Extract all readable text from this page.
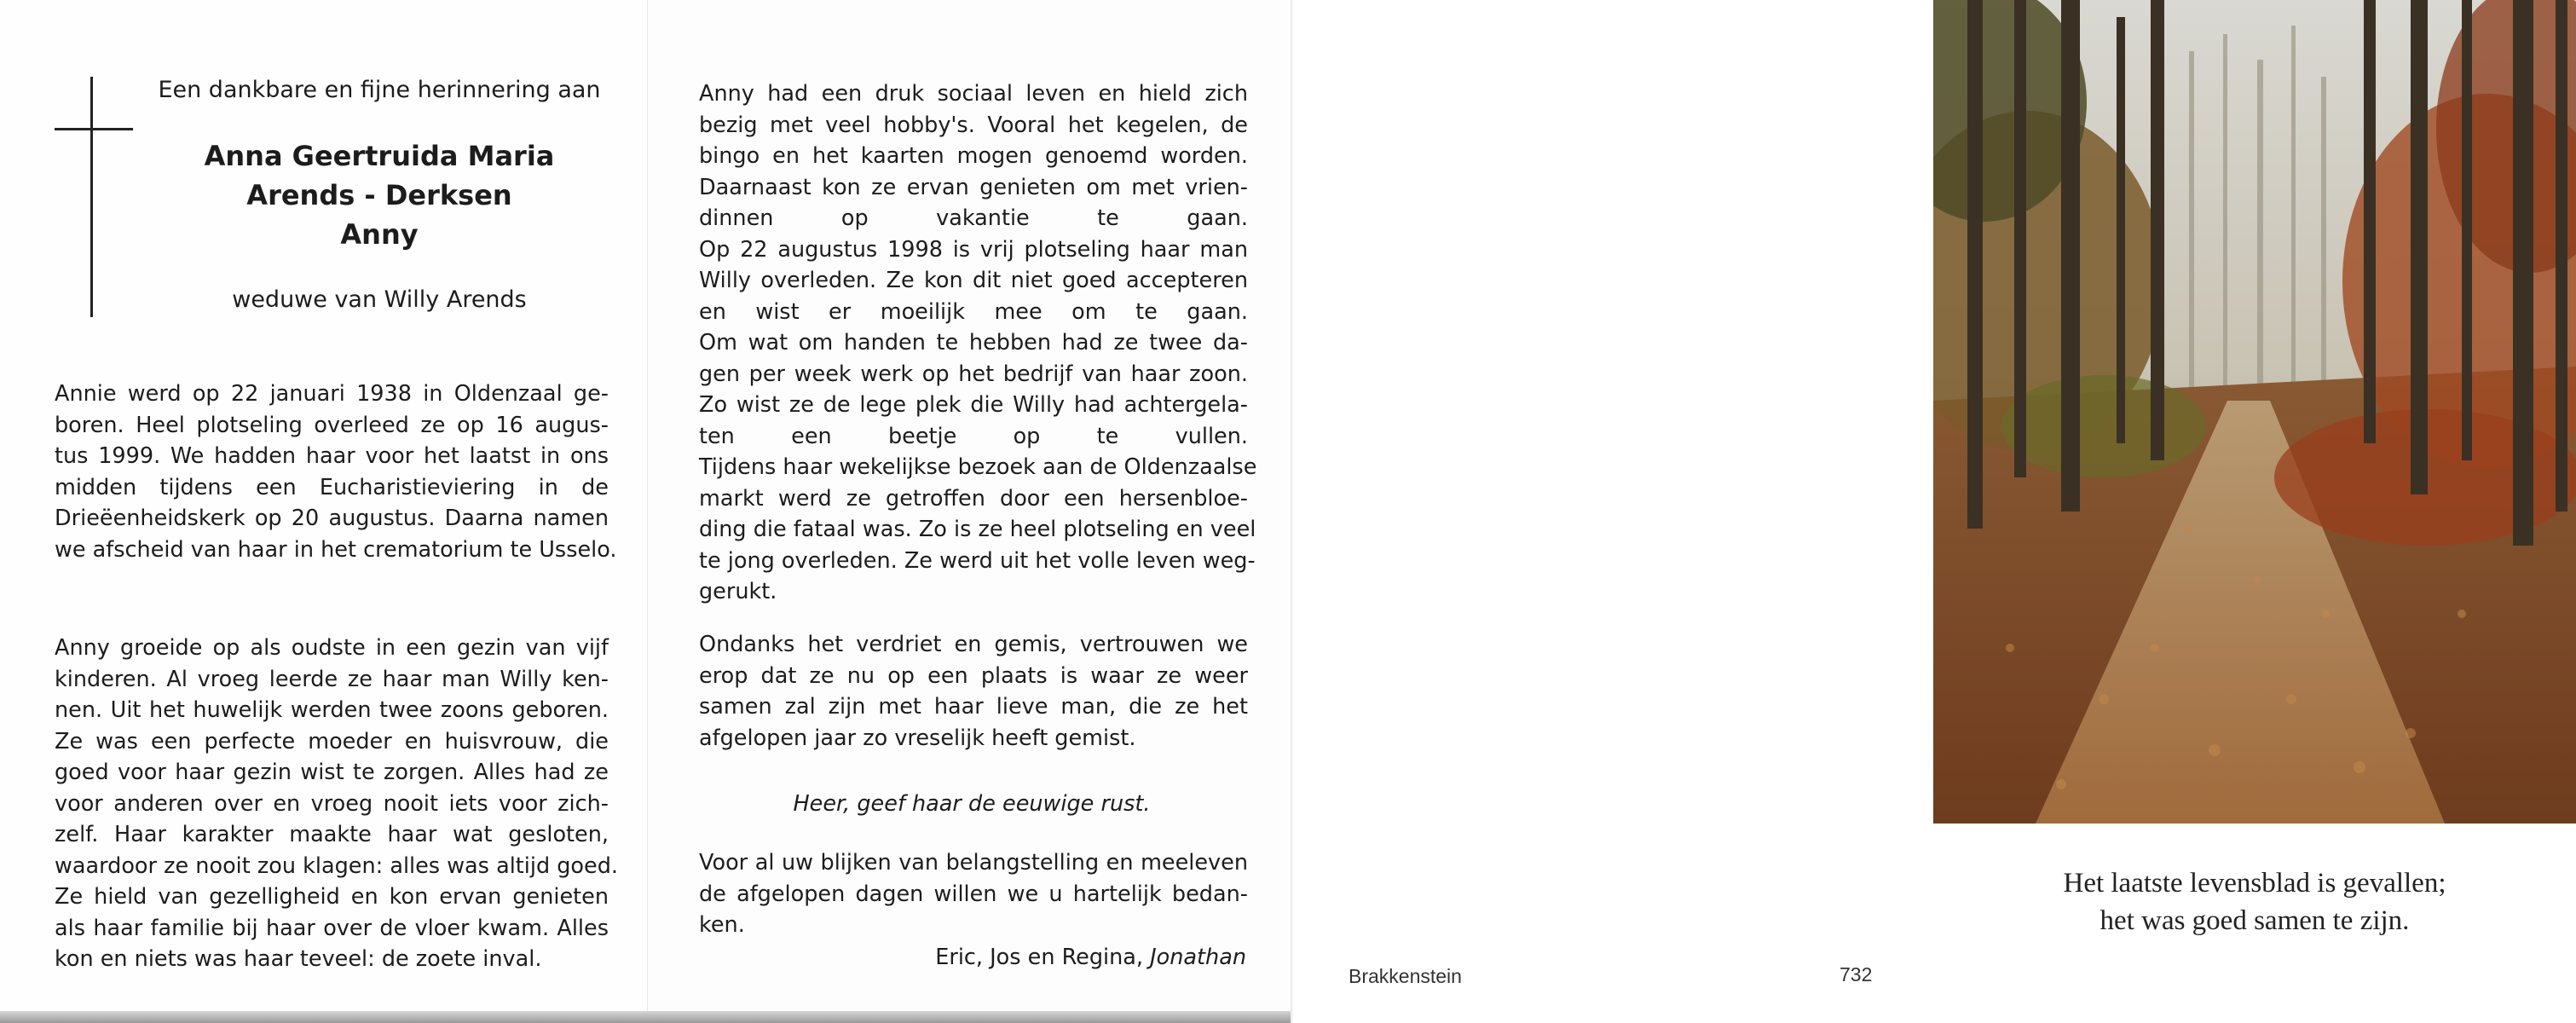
Een dankbare en fijne herinnering aan
Anna Geertruida Maria
Arends - Derksen
Anny
weduwe van Willy Arends
Annie werd op 22 januari 1938 in Oldenzaal ge-
boren. Heel plotseling overleed ze op 16 augus-
tus 1999. We hadden haar voor het laatst in ons
midden tijdens een Eucharistieviering in de
Drieëenheidskerk op 20 augustus. Daarna namen
we afscheid van haar in het crematorium te Usselo.
Anny groeide op als oudste in een gezin van vijf
kinderen. Al vroeg leerde ze haar man Willy ken-
nen. Uit het huwelijk werden twee zoons geboren.
Ze was een perfecte moeder en huisvrouw, die
goed voor haar gezin wist te zorgen. Alles had ze
voor anderen over en vroeg nooit iets voor zich-
zelf. Haar karakter maakte haar wat gesloten,
waardoor ze nooit zou klagen: alles was altijd goed.
Ze hield van gezelligheid en kon ervan genieten
als haar familie bij haar over de vloer kwam. Alles
kon en niets was haar teveel: de zoete inval.
Anny had een druk sociaal leven en hield zich
bezig met veel hobby's. Vooral het kegelen, de
bingo en het kaarten mogen genoemd worden.
Daarnaast kon ze ervan genieten om met vrien-
dinnen op vakantie te gaan.
Op 22 augustus 1998 is vrij plotseling haar man
Willy overleden. Ze kon dit niet goed accepteren
en wist er moeilijk mee om te gaan.
Om wat om handen te hebben had ze twee da-
gen per week werk op het bedrijf van haar zoon.
Zo wist ze de lege plek die Willy had achtergela-
ten een beetje op te vullen.
Tijdens haar wekelijkse bezoek aan de Oldenzaalse
markt werd ze getroffen door een hersenbloe-
ding die fataal was. Zo is ze heel plotseling en veel
te jong overleden. Ze werd uit het volle leven weg-
gerukt.
Ondanks het verdriet en gemis, vertrouwen we
erop dat ze nu op een plaats is waar ze weer
samen zal zijn met haar lieve man, die ze het
afgelopen jaar zo vreselijk heeft gemist.
Heer, geef haar de eeuwige rust.
Voor al uw blijken van belangstelling en meeleven
de afgelopen dagen willen we u hartelijk bedan-
ken.
Eric, Jos en Regina, Jonathan
Brakkenstein	732
Het laatste levensblad is gevallen;
het was goed samen te zijn.
